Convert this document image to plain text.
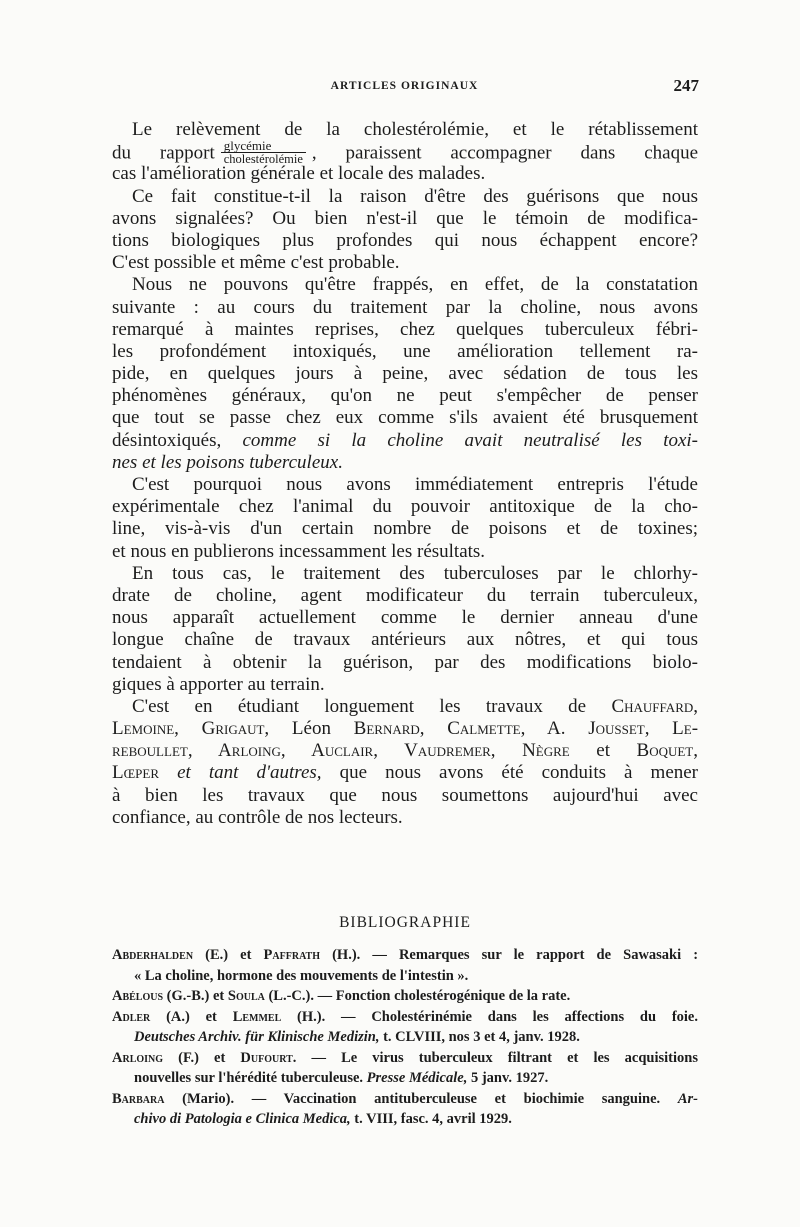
ARTICLES ORIGINAUX	247
Le relèvement de la cholestérolémie, et le rétablissement
du rapport $\frac{\text{glycémie}}{\text{cholestérolémie}}$ , paraissent accompagner dans chaque
cas l'amélioration générale et locale des malades.
Ce fait constitue-t-il la raison d'être des guérisons que nous
avons signalées? Ou bien n'est-il que le témoin de modifica-
tions biologiques plus profondes qui nous échappent encore?
C'est possible et même c'est probable.
Nous ne pouvons qu'être frappés, en effet, de la constatation
suivante : au cours du traitement par la choline, nous avons
remarqué à maintes reprises, chez quelques tuberculeux fébri-
les profondément intoxiqués, une amélioration tellement ra-
pide, en quelques jours à peine, avec sédation de tous les
phénomènes généraux, qu'on ne peut s'empêcher de penser
que tout se passe chez eux comme s'ils avaient été brusquement
désintoxiqués, comme si la choline avait neutralisé les toxi-
nes et les poisons tuberculeux.
C'est pourquoi nous avons immédiatement entrepris l'étude
expérimentale chez l'animal du pouvoir antitoxique de la cho-
line, vis-à-vis d'un certain nombre de poisons et de toxines;
et nous en publierons incessamment les résultats.
En tous cas, le traitement des tuberculoses par le chlorhy-
drate de choline, agent modificateur du terrain tuberculeux,
nous apparaît actuellement comme le dernier anneau d'une
longue chaîne de travaux antérieurs aux nôtres, et qui tous
tendaient à obtenir la guérison, par des modifications biolo-
giques à apporter au terrain.
C'est en étudiant longuement les travaux de Chauffard,
Lemoine, Grigaut, Léon Bernard, Calmette, A. Jousset, Le-
reboullet, Arloing, Auclair, Vaudremer, Nègre et Boquet,
Lœper et tant d'autres, que nous avons été conduits à mener
à bien les travaux que nous soumettons aujourd'hui avec
confiance, au contrôle de nos lecteurs.
BIBLIOGRAPHIE
Abderhalden (E.) et Paffrath (H.). — Remarques sur le rapport de Sawasaki :
« La choline, hormone des mouvements de l'intestin ».
Abélous (G.-B.) et Soula (L.-C.). — Fonction cholestérogénique de la rate.
Adler (A.) et Lemmel (H.). — Cholestérinémie dans les affections du foie.
Deutsches Archiv. für Klinische Medizin, t. CLVIII, nos 3 et 4, janv. 1928.
Arloing (F.) et Dufourt. — Le virus tuberculeux filtrant et les acquisitions
nouvelles sur l'hérédité tuberculeuse. Presse Médicale, 5 janv. 1927.
Barbara (Mario). — Vaccination antituberculeuse et biochimie sanguine. Ar-
chivo di Patologia e Clinica Medica, t. VIII, fasc. 4, avril 1929.
